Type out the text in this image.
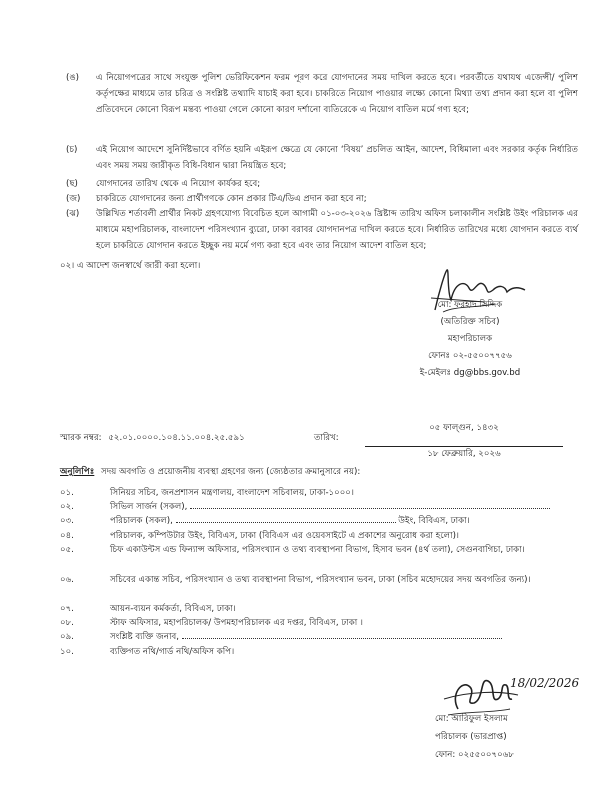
(ঙ) এ নিয়োগপত্রের সাথে সংযুক্ত পুলিশ ভেরিফিকেশন ফরম পূরণ করে যোগদানের সময় দাখিল করতে হবে। পরবর্তীতে যথাযথ এজেন্সী/ পুলিশ কর্তৃপক্ষের মাধ্যমে তার চরিত্র ও সংশ্লিষ্ট তথ্যাদি যাচাই করা হবে। চাকরিতে নিয়োগ পাওয়ার লক্ষ্যে কোনো মিথ্যা তথ্য প্রদান করা হলে বা পুলিশ প্রতিবেদনে কোনো বিরূপ মন্তব্য পাওয়া গেলে কোনো কারণ দর্শানো ব্যতিরেকে এ নিয়োগ বাতিল মর্মে গণ্য হবে;
(চ) এই নিয়োগ আদেশে সুনির্দিষ্টভাবে বর্ণিত হয়নি এইরূপ ক্ষেত্রে যে কোনো ‘বিষয়’ প্রচলিত আইন, আদেশ, বিধিমালা এবং সরকার কর্তৃক নির্ধারিত এবং সময় সময় জারীকৃত বিধি-বিধান দ্বারা নিয়ন্ত্রিত হবে;
(ছ) যোগদানের তারিখ থেকে এ নিয়োগ কার্যকর হবে;
(জ) চাকরিতে যোগদানের জন্য প্রার্থীগণকে কোন প্রকার টিএ/ডিএ প্রদান করা হবে না;
(ঝ) উল্লিখিত শর্তাবলী প্রার্থীর নিকট গ্রহণযোগ্য বিবেচিত হলে আগামী ০১-০৩-২০২৬ খ্রিষ্টাব্দ তারিখ অফিস চলাকালীন সংশ্লিষ্ট উইং পরিচালক এর মাধ্যমে মহাপরিচালক, বাংলাদেশ পরিসংখ্যান ব্যুরো, ঢাকা বরাবর যোগদানপত্র দাখিল করতে হবে। নির্ধারিত তারিখের মধ্যে যোগদান করতে ব্যর্থ হলে চাকরিতে যোগদান করতে ইচ্ছুক নয় মর্মে গণ্য করা হবে এবং তার নিয়োগ আদেশ বাতিল হবে;
০২। এ আদেশ জনস্বার্থে জারী করা হলো।
মো: ফরহাদ সিদ্দিক
(অতিরিক্ত সচিব)
মহাপরিচালক
ফোনঃ ০২-৫৫০০৭৭৫৬
ই-মেইলঃ dg@bbs.gov.bd
স্মারক নম্বর: ৫২.০১.০০০০.১০৪.১১.০০৪.২৫.৫৯১	তারিখ:
০৫ ফাল্গুন, ১৪৩২
১৮ ফেব্রুয়ারি, ২০২৬
অনুলিপিঃ সদয় অবগতি ও প্রয়োজনীয় ব্যবস্থা গ্রহণের জন্য (জ্যেষ্ঠতার ক্রমানুসারে নয়):
০১.	সিনিয়র সচিব, জনপ্রশাসন মন্ত্রণালয়, বাংলাদেশ সচিবালয়, ঢাকা-১০০০।
০২.	সিভিল সার্জন (সকল),
০৩.	পরিচালক (সকল),	উইং, বিবিএস, ঢাকা।
০৪.	পরিচালক, কম্পিউটার উইং, বিবিএস, ঢাকা (বিবিএস এর ওয়েবসাইটে এ প্রকাশের অনুরোধ করা হলো)।
০৫.	চিফ একাউন্টস এন্ড ফিন্যান্স অফিসার, পরিসংখ্যান ও তথ্য ব্যবস্থাপনা বিভাগ, হিসাব ভবন (৪র্থ তলা), সেগুনবাগিচা, ঢাকা।
০৬.	সচিবের একান্ত সচিব, পরিসংখ্যান ও তথ্য ব্যবস্থাপনা বিভাগ, পরিসংখ্যান ভবন, ঢাকা (সচিব মহোদয়ের সদয় অবগতির জন্য)।
০৭.	আয়ন-ব্যয়ন কর্মকর্তা, বিবিএস, ঢাকা।
০৮.	স্টাফ অফিসার, মহাপরিচালক/ উপমহাপরিচালক এর দপ্তর, বিবিএস, ঢাকা ।
০৯.	সংশ্লিষ্ট ব্যক্তি জনাব,
১০.	ব্যক্তিগত নথি/গার্ড নথি/অফিস কপি।
18/02/2026
মো: আরিফুল ইসলাম
পরিচালক (ভারপ্রাপ্ত)
ফোন: ০২৫৫০০৭০৬৮
